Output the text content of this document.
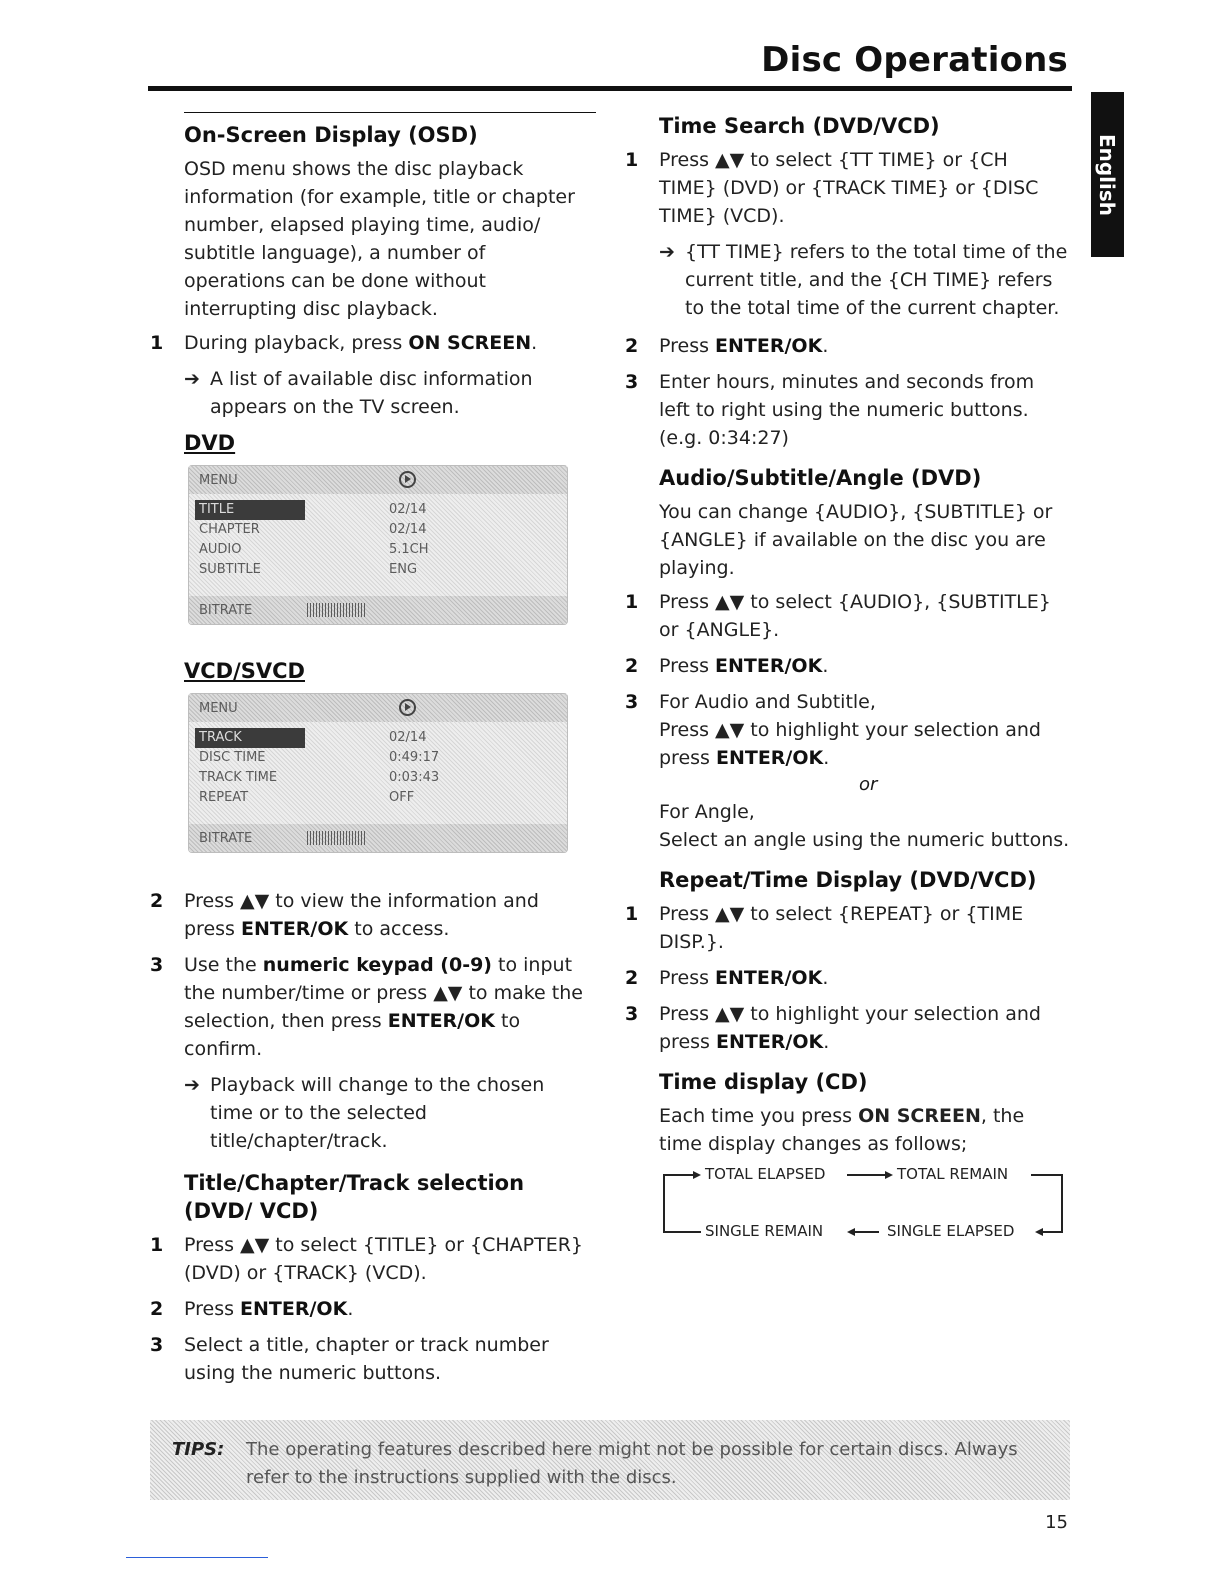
Disc Operations
English
On-Screen Display (OSD)

OSD menu shows the disc playback information (for example, title or chapter number, elapsed playing time, audio/ subtitle language), a number of operations can be done without interrupting disc playback.

1	During playback, press ON SCREEN.
➔ A list of available disc information appears on the TV screen.
DVD
MENU
TITLE	02/14
CHAPTER	02/14
AUDIO	5.1CH
SUBTITLE	ENG
BITRATE
VCD/SVCD
MENU
TRACK	02/14
DISC TIME	0:49:17
TRACK TIME	0:03:43
REPEAT	OFF
BITRATE
2	Press ▲▼ to view the information and press ENTER/OK to access.
3	Use the numeric keypad (0-9) to input the number/time or press ▲▼ to make the selection, then press ENTER/OK to confirm.
➔ Playback will change to the chosen time or to the selected title/chapter/track.
Title/Chapter/Track selection (DVD/ VCD)
1	Press ▲▼ to select {TITLE} or {CHAPTER} (DVD) or {TRACK} (VCD).
2	Press ENTER/OK.
3	Select a title, chapter or track number using the numeric buttons.
Time Search (DVD/VCD)
1	Press ▲▼ to select {TT TIME} or {CH TIME} (DVD) or {TRACK TIME} or {DISC TIME} (VCD).
➔ {TT TIME} refers to the total time of the current title, and the {CH TIME} refers to the total time of the current chapter.
2	Press ENTER/OK.
3	Enter hours, minutes and seconds from left to right using the numeric buttons. (e.g. 0:34:27)
Audio/Subtitle/Angle (DVD)

You can change {AUDIO}, {SUBTITLE} or {ANGLE} if available on the disc you are playing.

1	Press ▲▼ to select {AUDIO}, {SUBTITLE} or {ANGLE}.
2	Press ENTER/OK.
3	For Audio and Subtitle,
Press ▲▼ to highlight your selection and press ENTER/OK.
or

For Angle,

Select an angle using the numeric buttons.

Repeat/Time Display (DVD/VCD)
1	Press ▲▼ to select {REPEAT} or {TIME DISP.}.
2	Press ENTER/OK.
3	Press ▲▼ to highlight your selection and press ENTER/OK.
Time display (CD)

Each time you press ON SCREEN, the time display changes as follows;

TOTAL ELAPSED	TOTAL REMAIN
SINGLE ELAPSED
SINGLE REMAIN
TIPS: The operating features described here might not be possible for certain discs. Always refer to the instructions supplied with the discs.
15
